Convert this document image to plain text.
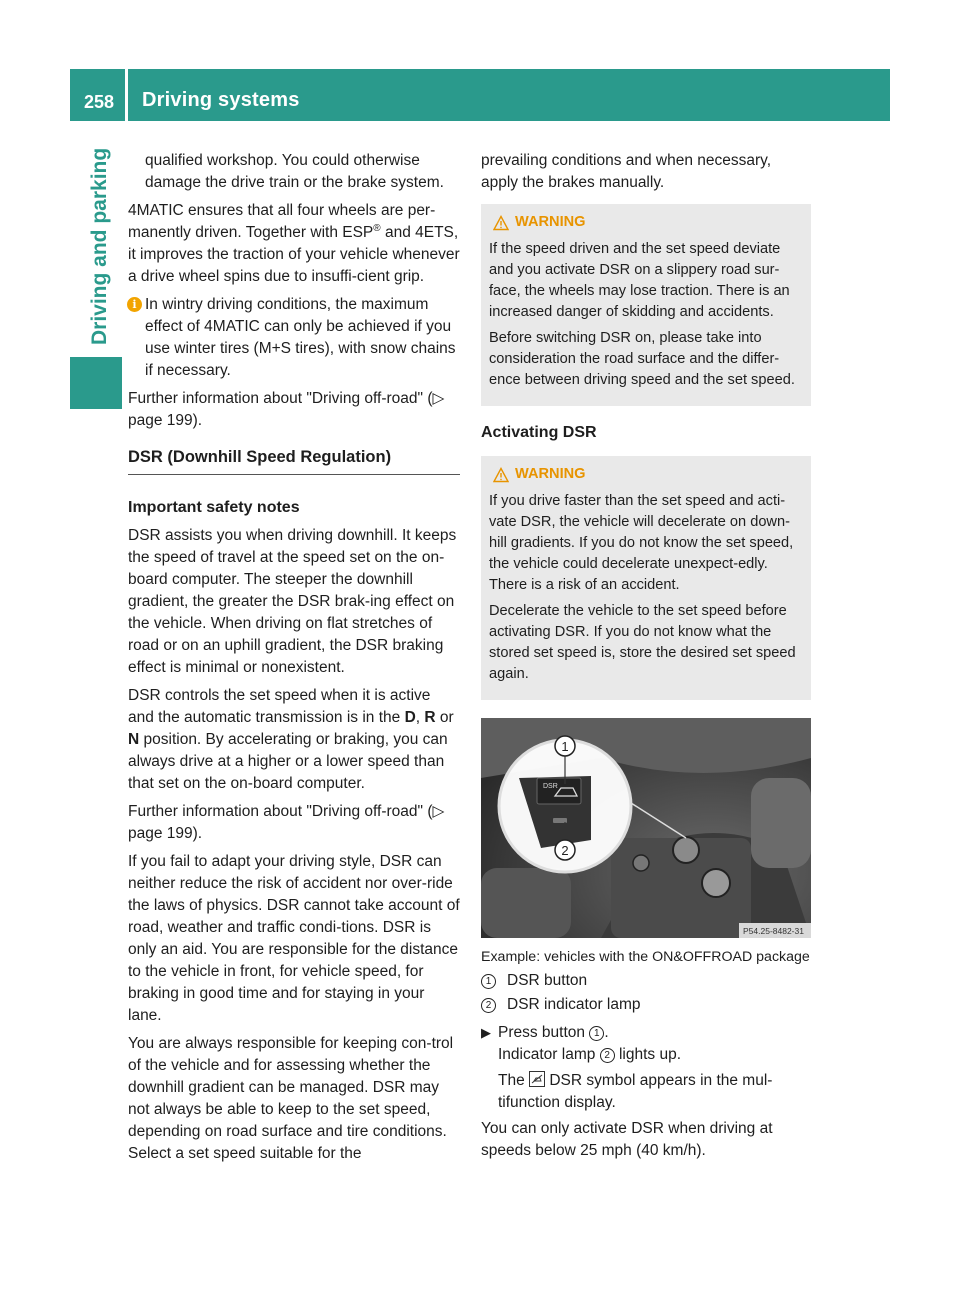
258 Driving systems
Driving and parking	qualified workshop. You could otherwise damage the drive train or the brake system.

4MATIC ensures that all four wheels are per-manently driven. Together with ESP® and 4ETS, it improves the traction of your vehicle whenever a drive wheel spins due to insuffi-cient grip.

i In wintry driving conditions, the maximum effect of 4MATIC can only be achieved if you use winter tires (M+S tires), with snow chains if necessary.

Further information about "Driving off-road" (▷ page 199).

DSR (Downhill Speed Regulation)
Important safety notes

DSR assists you when driving downhill. It keeps the speed of travel at the speed set on the on-board computer. The steeper the downhill gradient, the greater the DSR brak-ing effect on the vehicle. When driving on flat stretches of road or on an uphill gradient, the DSR braking effect is minimal or nonexistent.

DSR controls the set speed when it is active and the automatic transmission is in the D, R or N position. By accelerating or braking, you can always drive at a higher or a lower speed than that set on the on-board computer.

Further information about "Driving off-road" (▷ page 199).

If you fail to adapt your driving style, DSR can neither reduce the risk of accident nor over-ride the laws of physics. DSR cannot take account of road, weather and traffic condi-tions. DSR is only an aid. You are responsible for the distance to the vehicle in front, for vehicle speed, for braking in good time and for staying in your lane.

You are always responsible for keeping con-trol of the vehicle and for assessing whether the downhill gradient can be managed. DSR may not always be able to keep to the set speed, depending on road surface and tire conditions. Select a set speed suitable for the

prevailing conditions and when necessary, apply the brakes manually.

WARNING

If the speed driven and the set speed deviate and you activate DSR on a slippery road sur-face, the wheels may lose traction. There is an increased danger of skidding and accidents.

Before switching DSR on, please take into consideration the road surface and the differ-ence between driving speed and the set speed.

Activating DSR
WARNING

If you drive faster than the set speed and acti-vate DSR, the vehicle will decelerate on down-hill gradients. If you do not know the set speed, the vehicle could decelerate unexpect-edly. There is a risk of an accident.

Decelerate the vehicle to the set speed before activating DSR. If you do not know what the stored set speed is, store the desired set speed again.

DSR
1
2
P54.25-8482-31
Example: vehicles with the ON&OFFROAD package
1	DSR button
2	DSR indicator lamp
▶ Press button 1 .
Indicator lamp 2 lights up.
The
DSR symbol appears in the mul-tifunction display.

You can only activate DSR when driving at speeds below 25 mph (40 km/h).
